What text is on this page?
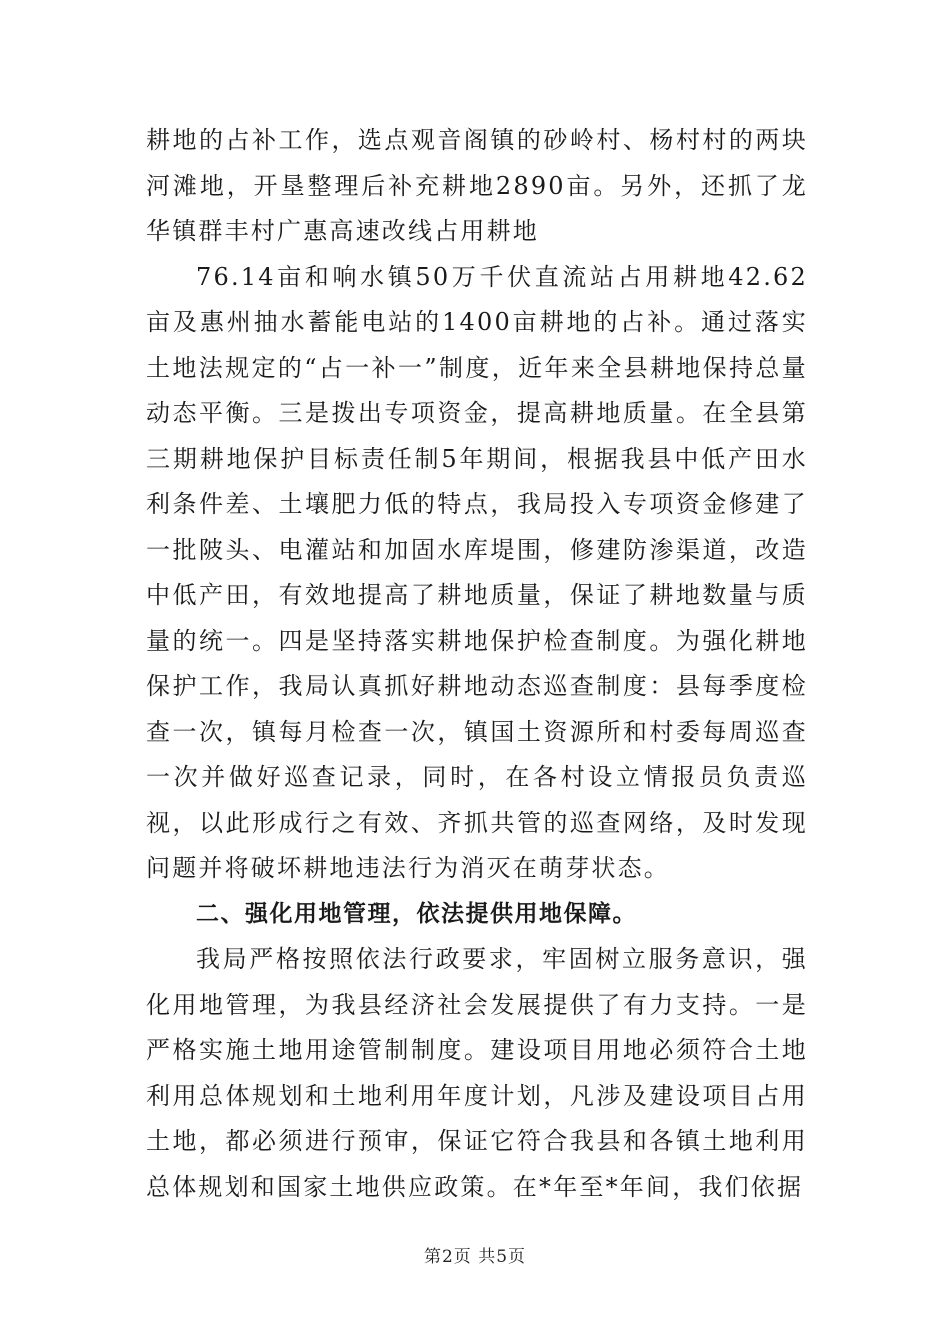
耕地的占补工作，选点观音阁镇的砂岭村、杨村村的两块河滩地，开垦整理后补充耕地2890亩。另外，还抓了龙华镇群丰村广惠高速改线占用耕地

76.14亩和响水镇50万千伏直流站占用耕地42.62亩及惠州抽水蓄能电站的1400亩耕地的占补。通过落实土地法规定的“占一补一”制度，近年来全县耕地保持总量动态平衡。三是拨出专项资金，提高耕地质量。在全县第三期耕地保护目标责任制5年期间，根据我县中低产田水利条件差、土壤肥力低的特点，我局投入专项资金修建了一批陂头、电灌站和加固水库堤围，修建防渗渠道，改造中低产田，有效地提高了耕地质量，保证了耕地数量与质量的统一。四是坚持落实耕地保护检查制度。为强化耕地保护工作，我局认真抓好耕地动态巡查制度：县每季度检查一次，镇每月检查一次，镇国土资源所和村委每周巡查一次并做好巡查记录，同时，在各村设立情报员负责巡视，以此形成行之有效、齐抓共管的巡查网络，及时发现问题并将破坏耕地违法行为消灭在萌芽状态。

二、强化用地管理，依法提供用地保障。

我局严格按照依法行政要求，牢固树立服务意识，强化用地管理，为我县经济社会发展提供了有力支持。一是严格实施土地用途管制制度。建设项目用地必须符合土地利用总体规划和土地利用年度计划，凡涉及建设项目占用土地，都必须进行预审，保证它符合我县和各镇土地利用总体规划和国家土地供应政策。在*年至*年间，我们依据

第2页 共5页
